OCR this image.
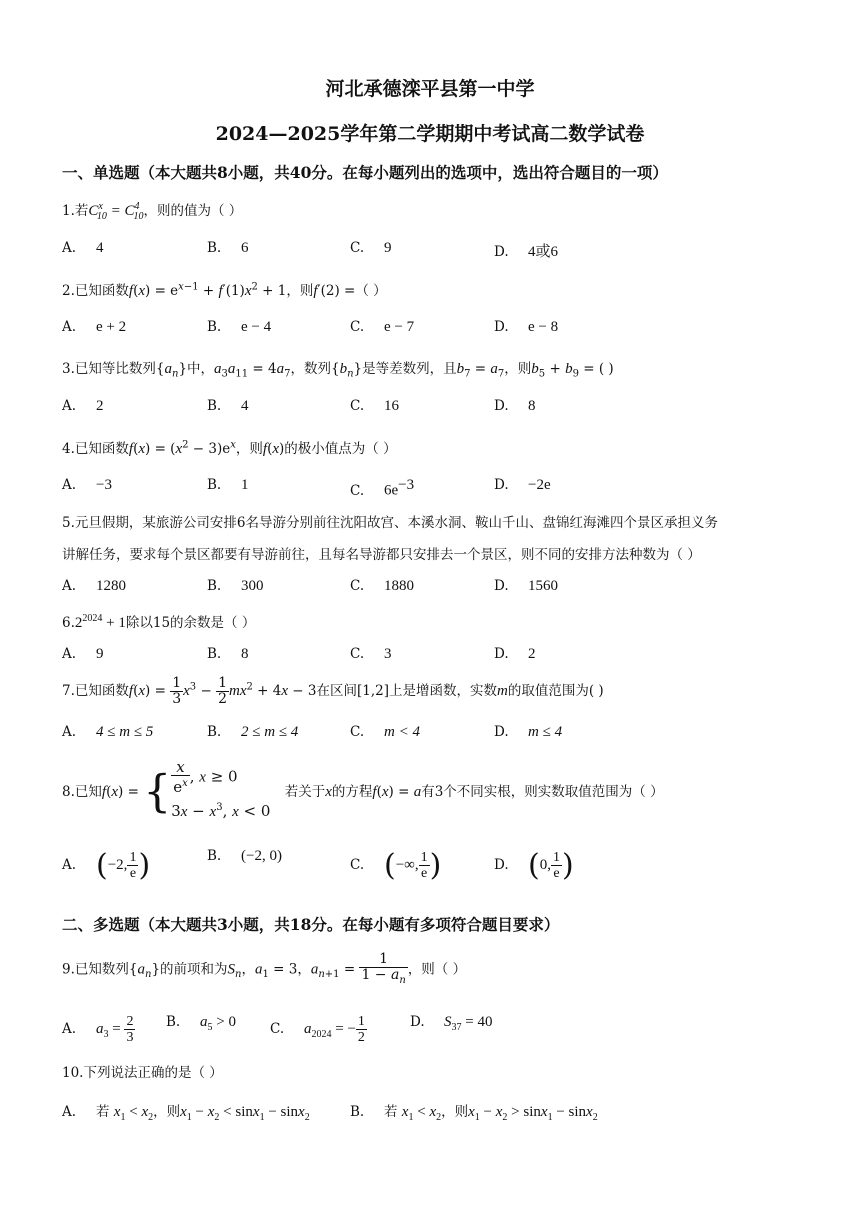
河北承德滦平县第一中学
2024—2025学年第二学期期中考试高二数学试卷
一、单选题（本大题共8小题，共40分。在每小题列出的选项中，选出符合题目的一项）
1.若$C^x_{10} = C^4_{10}$，则的值为（ ）
A. 4	B. 6	C. 9	D. 4或6
2.已知函数$f(x) = e^{x-1} + f'(1)x^2 + 1$，则f′(2) =（ ）
A. e + 2	B. e − 4	C. e − 7	D. e − 8
3.已知等比数列$\{a_n\}$中，$a_3a_{11} = 4a_7$，数列$\{b_n\}$是等差数列，且$b_7 = a_7$，则$b_5 + b_9$ = ( )
A. 2	B. 4	C. 16	D. 8
4.已知函数$f(x) = (x^2 - 3)e^x$，则f(x)的极小值点为（ ）
A. −3	B. 1	C. $6e^{-3}$	D. −2e
5.元旦假期，某旅游公司安排6名导游分别前往沈阳故宫、本溪水洞、鞍山千山、盘锦红海滩四个景区承担义务
讲解任务，要求每个景区都要有导游前往，且每名导游都只安排去一个景区，则不同的安排方法种数为（ ）
A. 1280	B. 300	C. 1880	D. 1560
$6.2^{2024} + 1$除以15的余数是（ ）
A. 9	B. 8	C. 3	D. 2
7.已知函数$f(x) = \frac{1}{3} x^3 - \frac{1}{2} mx^2 + 4x - 3$在区间[1,2]上是增函数，实数m的取值范围为( )
A. 4 ≤ m ≤ 5	B. 2 ≤ m ≤ 4	C. m < 4	D. m ≤ 4
8.已知f(x) = { $\frac{x}{e^x}$ , x ≥ 0
$3x - x^3$, x < 0 若关于x的方程f(x) = a有3个不同实根，则实数取值范围为（ ）
A. (−2, $\frac{1}{e}$ )	B. (−2, 0)
C. (−∞, $\frac{1}{e}$ )	D. (0, $\frac{1}{e}$ )
二、多选题（本大题共3小题，共18分。在每小题有多项符合题目要求）
9.已知数列$\{a_n\}$的前项和为$S_n$，$a_1 = 3$，$a_{n+1} = \frac{1}{1 - a_n}$ ，则（ ）
A. $a_3 = \frac{2}{3} B$. $a_5 > 0$	C. $a_{2024}$ = − $\frac{1}{2}$	D. $S_{37} = 40$
10.下列说法正确的是（ ）
A. 若 $x_1 < x_2$，则$x_1 - x_2 < \sin x_1 - \sin x_2$	B. 若 $x_1 < x_2$，则$x_1 - x_2 > \sin x_1 - \sin x_2$
